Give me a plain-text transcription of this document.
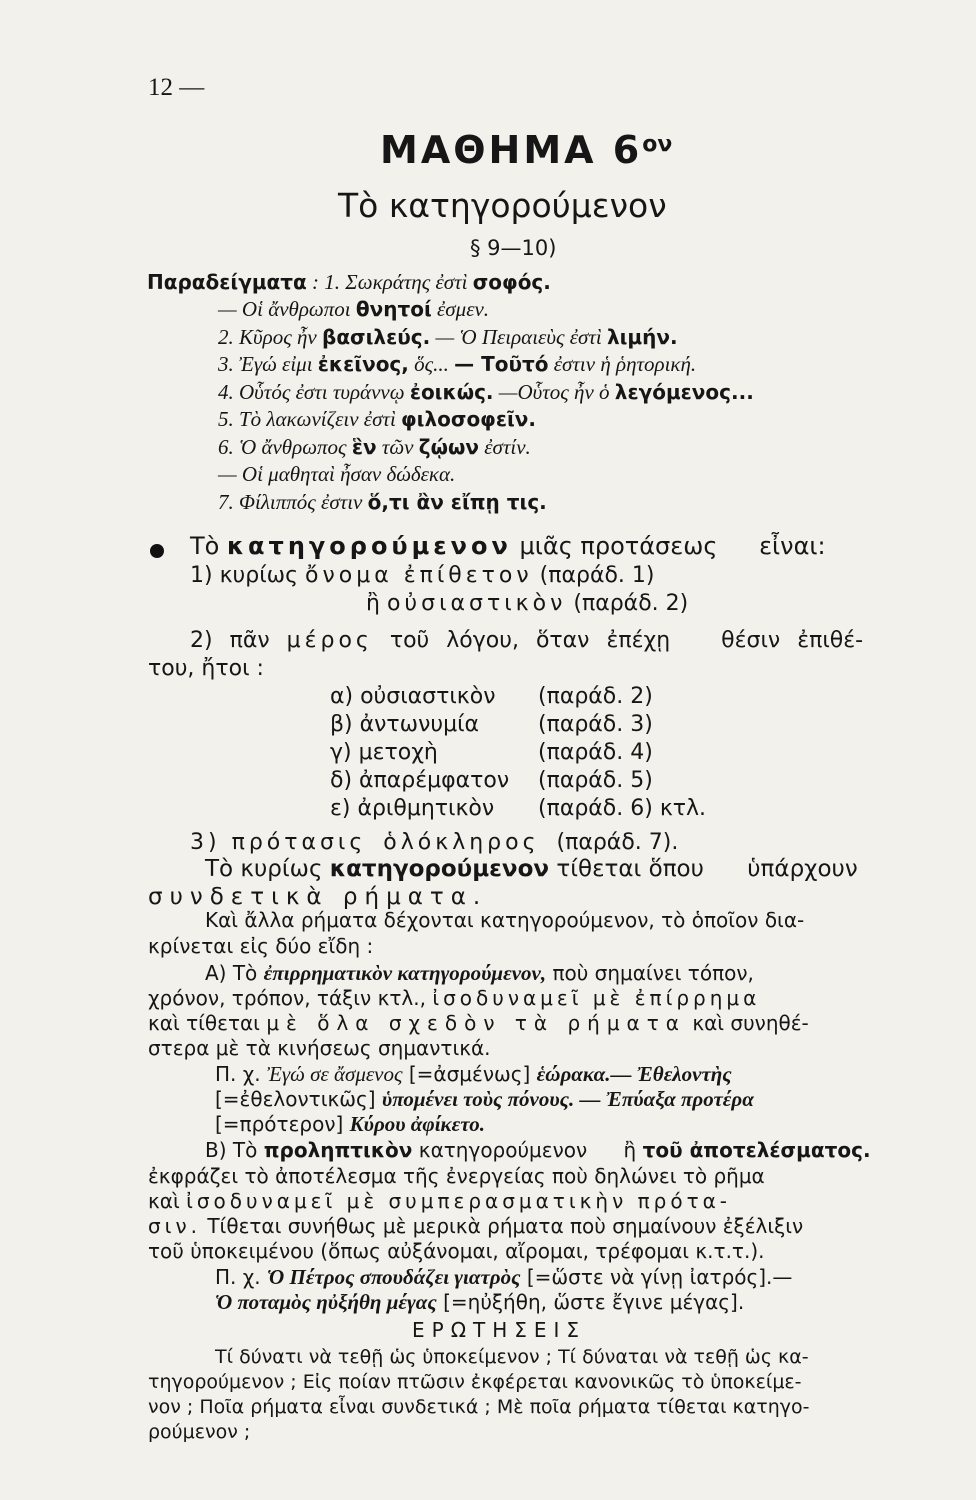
12 —
ΜΑΘΗΜΑ $6^{o\nu}$
Τὸ κατηγορούμενον
§ 9—10)
Παραδείγματα : 1. Σωκράτης ἐστὶ σοφός.
— Οἱ ἄνθρωποι θνητοί ἐσμεν.
2. Κῦρος ἦν βασιλεύς. — Ὁ Πειραιεὺς ἐστὶ λιμήν.
3. Ἐγώ εἰμι ἐκεῖνος, ὅς... — Τοῦτό ἐστιν ἡ ῥητορική.
4. Οὗτός ἐστι τυράννῳ ἐοικώς. —Οὗτος ἦν ὁ λεγόμενος...
5. Τὸ λακωνίζειν ἐστὶ φιλοσοφεῖν.
6. Ὁ ἄνθρωπος ἓν τῶν ζῴων ἐστίν.
— Οἱ μαθηταὶ ἦσαν δώδεκα.
7. Φίλιππός ἐστιν ὅ,τι ἂν εἴπῃ τις.
Τὸ κατηγορούμενον μιᾶς προτάσεως εἶναι:
1) κυρίως ὄνομα ἐπίθετον (παράδ. 1)
ἢ οὐσιαστικὸν (παράδ. 2)
2) πᾶν μέρος τοῦ λόγου, ὅταν ἐπέχῃ θέσιν ἐπιθέ-
του, ἤτοι :
α) οὐσιαστικὸν (παράδ. 2)
β) ἀντωνυμία	(παράδ. 3)
γ) μετοχὴ	(παράδ. 4)
δ) ἀπαρέμφατον (παράδ. 5)
ε) ἀριθμητικὸν (παράδ. 6) κτλ.
3) πρότασις ὁλόκληρος (παράδ. 7).
Τὸ κυρίως κατηγορούμενον τίθεται ὅπου ὑπάρχουν
συνδετικὰ ρήματα.
Καὶ ἄλλα ρήματα δέχονται κατηγορούμενον, τὸ ὁποῖον δια-
κρίνεται εἰς δύο εἴδη :
Α) Τὸ ἐπιρρηματικὸν κατηγορούμενον, ποὺ σημαίνει τόπον,
χρόνον, τρόπον, τάξιν κτλ., ἰσοδυναμεῖ μὲ ἐπίρρημα
καὶ τίθεται μὲ ὅλα σχεδὸν τὰ ρήματα καὶ συνηθέ-
στερα μὲ τὰ κινήσεως σημαντικά.
Π. χ. Ἐγώ σε ἄσμενος [=ἀσμένως] ἑώρακα.— Ἐθελοντὴς
[=ἐθελοντικῶς] ὑπομένει τοὺς πόνους. — Ἐπύαξα προτέρα
[=πρότερον] Κύρου ἀφίκετο.
Β) Τὸ προληπτικὸν κατηγορούμενον ἢ τοῦ ἀποτελέσματος.
ἐκφράζει τὸ ἀποτέλεσμα τῆς ἐνεργείας ποὺ δηλώνει τὸ ρῆμα
καὶ ἰσοδυναμεῖ μὲ συμπερασματικὴν πρότα-
σιν. Τίθεται συνήθως μὲ μερικὰ ρήματα ποὺ σημαίνουν ἐξέλιξιν
τοῦ ὑποκειμένου (ὅπως αὐξάνομαι, αἴρομαι, τρέφομαι κ.τ.τ.).
Π. χ. Ὁ Πέτρος σπουδάζει γιατρὸς [=ὥστε νὰ γίνῃ ἰατρός].—
Ὁ ποταμὸς ηὐξήθη μέγας [=ηὐξήθη, ὥστε ἔγινε μέγας].
ΕΡΩΤΗΣΕΙΣ
Τί δύνατι νὰ τεθῇ ὡς ὑποκείμενον ; Τί δύναται νὰ τεθῇ ὡς κα-
τηγορούμενον ; Εἰς ποίαν πτῶσιν ἐκφέρεται κανονικῶς τὸ ὑποκείμε-
νον ; Ποῖα ρήματα εἶναι συνδετικά ; Μὲ ποῖα ρήματα τίθεται κατηγο-
ρούμενον ;
